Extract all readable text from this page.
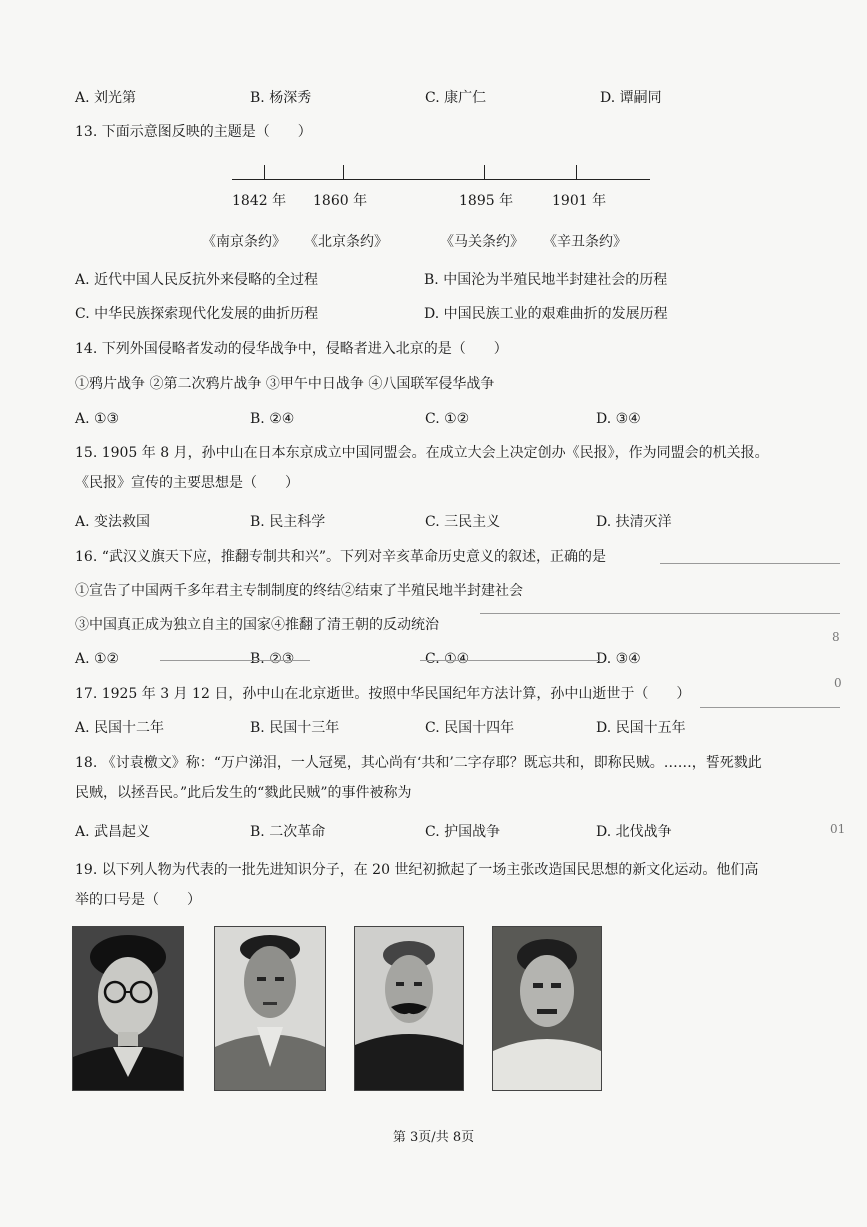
A. 刘光第	B. 杨深秀	C. 康广仁	D. 谭嗣同
13. 下面示意图反映的主题是（　　）
1842 年 1860 年	1895 年	1901 年
《南京条约》 《北京条约》	《马关条约》 《辛丑条约》
A. 近代中国人民反抗外来侵略的全过程	B. 中国沦为半殖民地半封建社会的历程
C. 中华民族探索现代化发展的曲折历程	D. 中国民族工业的艰难曲折的发展历程
14. 下列外国侵略者发动的侵华战争中，侵略者进入北京的是（　　）
①鸦片战争 ②第二次鸦片战争 ③甲午中日战争 ④八国联军侵华战争
A. ①③	B. ②④	C. ①②	D. ③④
15. 1905 年 8 月，孙中山在日本东京成立中国同盟会。在成立大会上决定创办《民报》，作为同盟会的机关报。《民报》宣传的主要思想是（　　）
A. 变法救国	B. 民主科学	C. 三民主义	D. 扶清灭洋
16. “武汉义旗天下应，推翻专制共和兴”。下列对辛亥革命历史意义的叙述，正确的是
①宣告了中国两千多年君主专制制度的终结②结束了半殖民地半封建社会
③中国真正成为独立自主的国家④推翻了清王朝的反动统治
A. ①②	B. ②③	C. ①④	D. ③④
17. 1925 年 3 月 12 日，孙中山在北京逝世。按照中华民国纪年方法计算，孙中山逝世于（　　）
A. 民国十二年	B. 民国十三年	C. 民国十四年	D. 民国十五年
18. 《讨袁檄文》称：“万户涕泪，一人冠冕，其心尚有‘共和’二字存耶？既忘共和，即称民贼。……，誓死戮此民贼，以拯吾民。”此后发生的“戮此民贼”的事件被称为
A. 武昌起义	B. 二次革命	C. 护国战争	D. 北伐战争
19. 以下列人物为代表的一批先进知识分子，在 20 世纪初掀起了一场主张改造国民思想的新文化运动。他们高举的口号是（　　）
8
0
01
第 3页/共 8页
